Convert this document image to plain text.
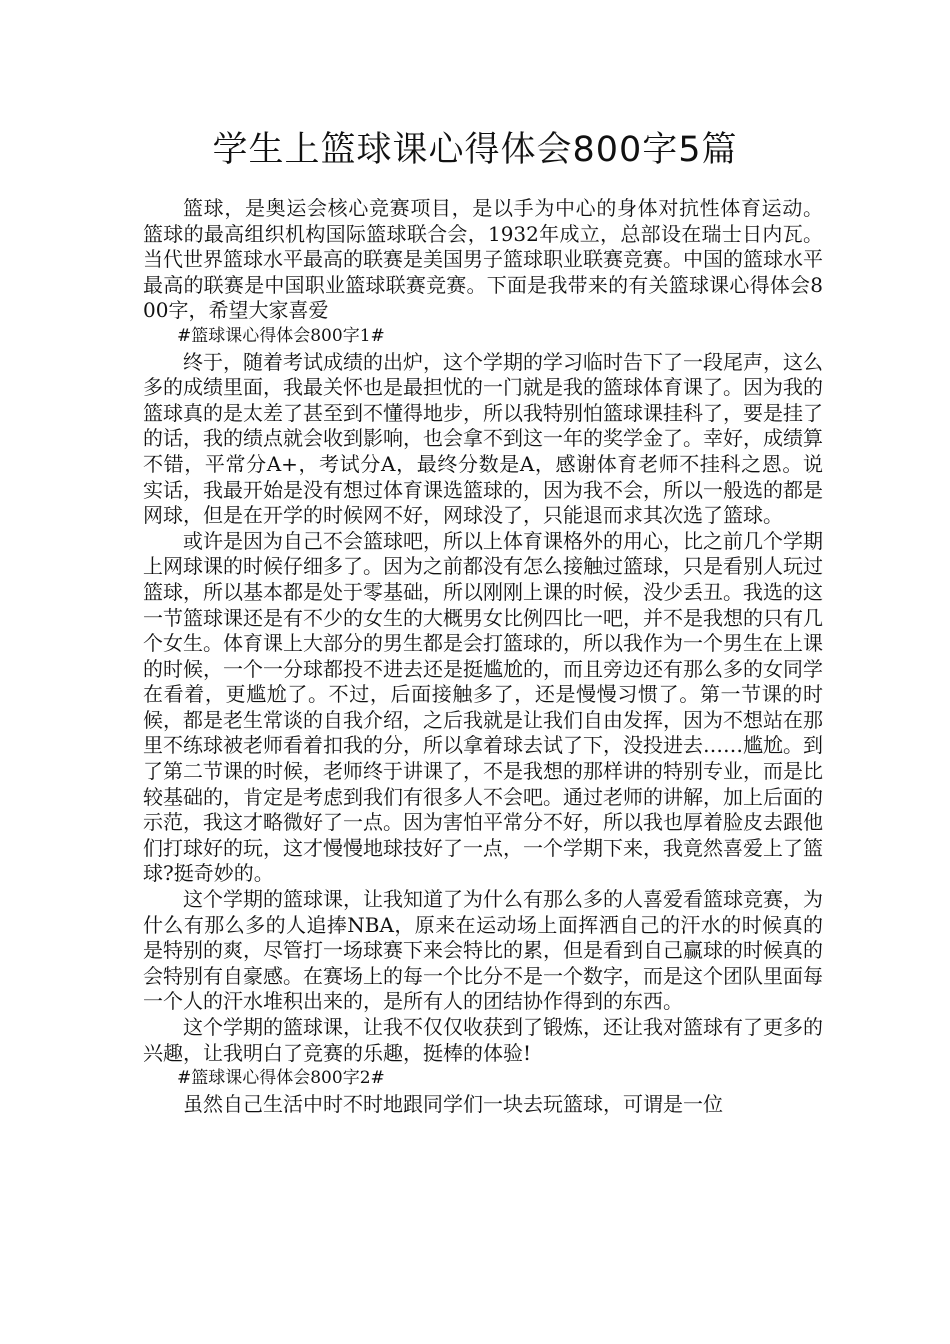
学生上篮球课心得体会800字5篇

篮球，是奥运会核心竞赛项目，是以手为中心的身体对抗性体育运动。 篮球的最高组织机构国际篮球联合会，1932年成立，总部设在瑞士日内瓦。当代世界篮球水平最高的联赛是美国男子篮球职业联赛竞赛。中国的篮球水平最高的联赛是中国职业篮球联赛竞赛。下面是我带来的有关篮球课心得体会800字，希望大家喜爱

#篮球课心得体会800字1#

终于，随着考试成绩的出炉，这个学期的学习临时告下了一段尾声，这么多的成绩里面，我最关怀也是最担忧的一门就是我的篮球体育课了。因为我的篮球真的是太差了甚至到不懂得地步，所以我特别怕篮球课挂科了，要是挂了的话，我的绩点就会收到影响，也会拿不到这一年的奖学金了。幸好，成绩算不错，平常分A+，考试分A，最终分数是A，感谢体育老师不挂科之恩。说实话，我最开始是没有想过体育课选篮球的，因为我不会，所以一般选的都是网球，但是在开学的时候网不好，网球没了，只能退而求其次选了篮球。

或许是因为自己不会篮球吧，所以上体育课格外的用心，比之前几个学期上网球课的时候仔细多了。因为之前都没有怎么接触过篮球，只是看别人玩过篮球，所以基本都是处于零基础，所以刚刚上课的时候，没少丢丑。我选的这一节篮球课还是有不少的女生的大概男女比例四比一吧，并不是我想的只有几个女生。体育课上大部分的男生都是会打篮球的，所以我作为一个男生在上课的时候，一个一分球都投不进去还是挺尴尬的，而且旁边还有那么多的女同学在看着，更尴尬了。不过，后面接触多了，还是慢慢习惯了。第一节课的时候，都是老生常谈的自我介绍，之后我就是让我们自由发挥，因为不想站在那里不练球被老师看着扣我的分，所以拿着球去试了下，没投进去……尴尬。到了第二节课的时候，老师终于讲课了，不是我想的那样讲的特别专业，而是比较基础的，肯定是考虑到我们有很多人不会吧。通过老师的讲解，加上后面的示范，我这才略微好了一点。因为害怕平常分不好，所以我也厚着脸皮去跟他们打球好的玩，这才慢慢地球技好了一点，一个学期下来，我竟然喜爱上了篮球?挺奇妙的。

这个学期的篮球课，让我知道了为什么有那么多的人喜爱看篮球竞赛，为什么有那么多的人追捧NBA，原来在运动场上面挥洒自己的汗水的时候真的是特别的爽，尽管打一场球赛下来会特比的累，但是看到自己赢球的时候真的会特别有自豪感。在赛场上的每一个比分不是一个数字，而是这个团队里面每一个人的汗水堆积出来的，是所有人的团结协作得到的东西。

这个学期的篮球课，让我不仅仅收获到了锻炼，还让我对篮球有了更多的兴趣，让我明白了竞赛的乐趣，挺棒的体验!

#篮球课心得体会800字2#

虽然自己生活中时不时地跟同学们一块去玩篮球，可谓是一位
